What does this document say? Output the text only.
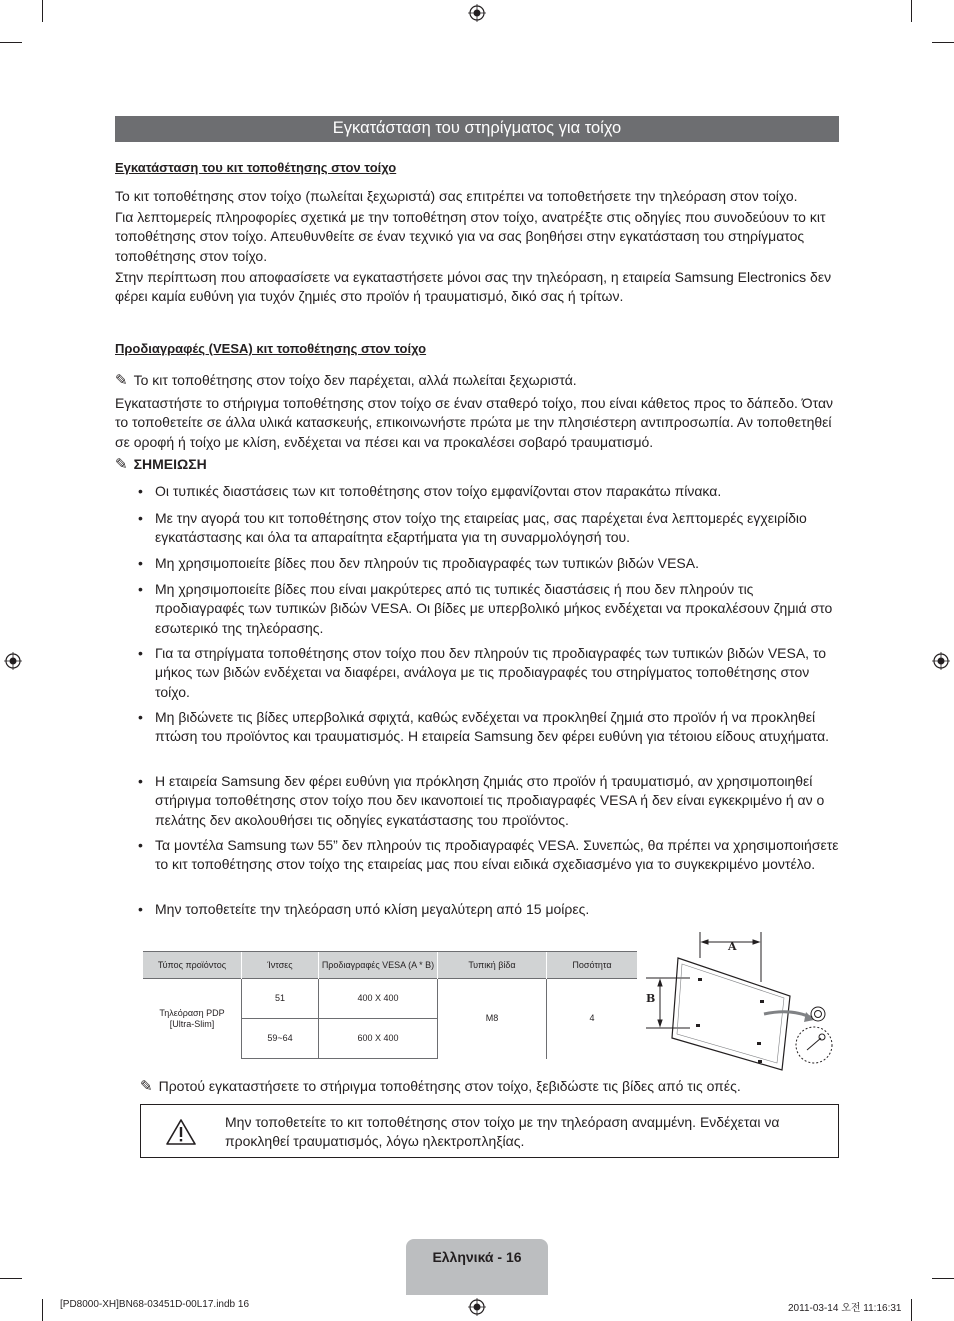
Εγκατάσταση του στηρίγματος για τοίχο
Εγκατάσταση του κιτ τοποθέτησης στον τοίχο
Το κιτ τοποθέτησης στον τοίχο (πωλείται ξεχωριστά) σας επιτρέπει να τοποθετήσετε την τηλεόραση στον τοίχο.
Για λεπτομερείς πληροφορίες σχετικά με την τοποθέτηση στον τοίχο, ανατρέξτε στις οδηγίες που συνοδεύουν το κιτ τοποθέτησης στον τοίχο. Απευθυνθείτε σε έναν τεχνικό για να σας βοηθήσει στην εγκατάσταση του στηρίγματος τοποθέτησης στον τοίχο.
Στην περίπτωση που αποφασίσετε να εγκαταστήσετε μόνοι σας την τηλεόραση, η εταιρεία Samsung Electronics δεν φέρει καμία ευθύνη για τυχόν ζημιές στο προϊόν ή τραυματισμό, δικό σας ή τρίτων.
Προδιαγραφές (VESA) κιτ τοποθέτησης στον τοίχο
✎ Το κιτ τοποθέτησης στον τοίχο δεν παρέχεται, αλλά πωλείται ξεχωριστά.
Εγκαταστήστε το στήριγμα τοποθέτησης στον τοίχο σε έναν σταθερό τοίχο, που είναι κάθετος προς το δάπεδο. Όταν το τοποθετείτε σε άλλα υλικά κατασκευής, επικοινωνήστε πρώτα με την πλησιέστερη αντιπροσωπία. Αν τοποθετηθεί σε οροφή ή τοίχο με κλίση, ενδέχεται να πέσει και να προκαλέσει σοβαρό τραυματισμό.
✎ ΣΗΜΕΙΩΣΗ
• Οι τυπικές διαστάσεις των κιτ τοποθέτησης στον τοίχο εμφανίζονται στον παρακάτω πίνακα.
• Με την αγορά του κιτ τοποθέτησης στον τοίχο της εταιρείας μας, σας παρέχεται ένα λεπτομερές εγχειρίδιο εγκατάστασης και όλα τα απαραίτητα εξαρτήματα για τη συναρμολόγησή του.
• Μη χρησιμοποιείτε βίδες που δεν πληρούν τις προδιαγραφές των τυπικών βιδών VESA.
• Μη χρησιμοποιείτε βίδες που είναι μακρύτερες από τις τυπικές διαστάσεις ή που δεν πληρούν τις προδιαγραφές των τυπικών βιδών VESA. Οι βίδες με υπερβολικό μήκος ενδέχεται να προκαλέσουν ζημιά στο εσωτερικό της τηλεόρασης.
• Για τα στηρίγματα τοποθέτησης στον τοίχο που δεν πληρούν τις προδιαγραφές των τυπικών βιδών VESA, το μήκος των βιδών ενδέχεται να διαφέρει, ανάλογα με τις προδιαγραφές του στηρίγματος τοποθέτησης στον τοίχο.
• Μη βιδώνετε τις βίδες υπερβολικά σφιχτά, καθώς ενδέχεται να προκληθεί ζημιά στο προϊόν ή να προκληθεί πτώση του προϊόντος και τραυματισμός. Η εταιρεία Samsung δεν φέρει ευθύνη για τέτοιου είδους ατυχήματα.
• Η εταιρεία Samsung δεν φέρει ευθύνη για πρόκληση ζημιάς στο προϊόν ή τραυματισμό, αν χρησιμοποιηθεί στήριγμα τοποθέτησης στον τοίχο που δεν ικανοποιεί τις προδιαγραφές VESA ή δεν είναι εγκεκριμένο ή αν ο πελάτης δεν ακολουθήσει τις οδηγίες εγκατάστασης του προϊόντος.
• Τα μοντέλα Samsung των 55” δεν πληρούν τις προδιαγραφές VESA. Συνεπώς, θα πρέπει να χρησιμοποιήσετε το κιτ τοποθέτησης στον τοίχο της εταιρείας μας που είναι ειδικά σχεδιασμένο για το συγκεκριμένο μοντέλο.
• Μην τοποθετείτε την τηλεόραση υπό κλίση μεγαλύτερη από 15 μοίρες.
Τύπος προϊόντος	Ίντσες	Προδιαγραφές VESA (A * B)	Τυπική βίδα	Ποσότητα
Τηλεόραση PDP [Ultra-Slim]	51	400 X 400	M8	4
	59~64	600 X 400		
A
B
✎ Προτού εγκαταστήσετε το στήριγμα τοποθέτησης στον τοίχο, ξεβιδώστε τις βίδες από τις οπές.
Μην τοποθετείτε το κιτ τοποθέτησης στον τοίχο με την τηλεόραση αναμμένη. Ενδέχεται να προκληθεί τραυματισμός, λόγω ηλεκτροπληξίας.
Ελληνικά - 16
[PD8000-XH]BN68-03451D-00L17.indb 16	2011-03-14 오전 11:16:31
